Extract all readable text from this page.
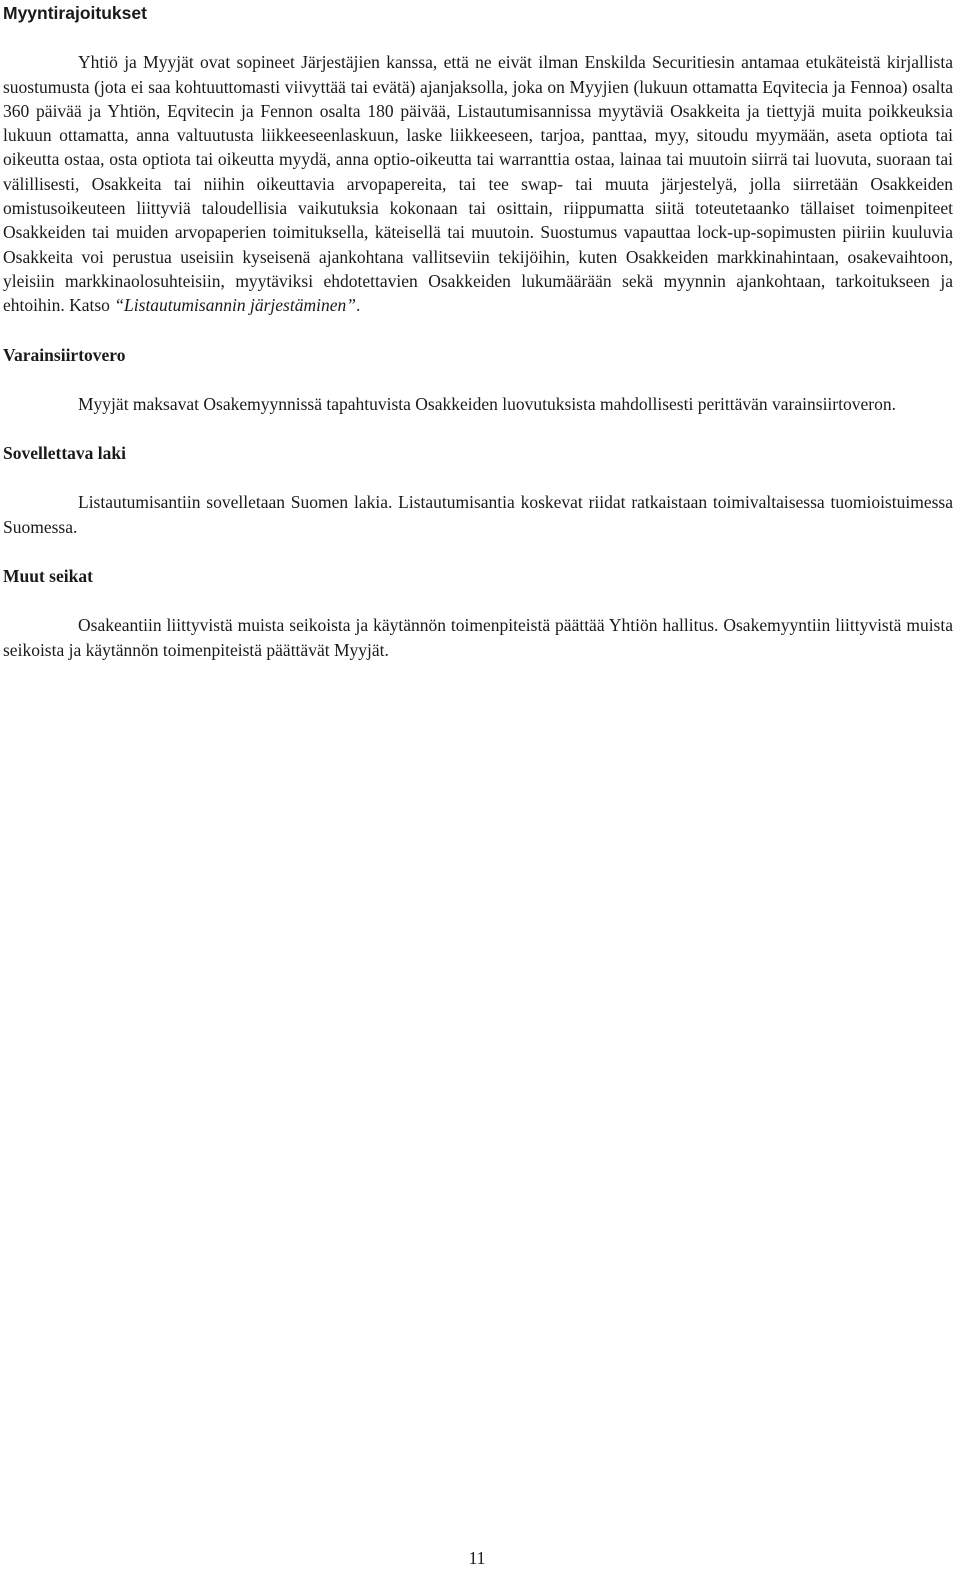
Myyntirajoitukset

Yhtiö ja Myyjät ovat sopineet Järjestäjien kanssa, että ne eivät ilman Enskilda Securitiesin antamaa etukäteistä kirjallista suostumusta (jota ei saa kohtuuttomasti viivyttää tai evätä) ajanjaksolla, joka on Myyjien (lukuun ottamatta Eqvitecia ja Fennoa) osalta 360 päivää ja Yhtiön, Eqvitecin ja Fennon osalta 180 päivää, Listautumisannissa myytäviä Osakkeita ja tiettyjä muita poikkeuksia lukuun ottamatta, anna valtuutusta liikkeeseenlaskuun, laske liikkeeseen, tarjoa, panttaa, myy, sitoudu myymään, aseta optiota tai oikeutta ostaa, osta optiota tai oikeutta myydä, anna optio-oikeutta tai warranttia ostaa, lainaa tai muutoin siirrä tai luovuta, suoraan tai välillisesti, Osakkeita tai niihin oikeuttavia arvopapereita, tai tee swap- tai muuta järjestelyä, jolla siirretään Osakkeiden omistusoikeuteen liittyviä taloudellisia vaikutuksia kokonaan tai osittain, riippumatta siitä toteutetaanko tällaiset toimenpiteet Osakkeiden tai muiden arvopaperien toimituksella, käteisellä tai muutoin. Suostumus vapauttaa lock-up-sopimusten piiriin kuuluvia Osakkeita voi perustua useisiin kyseisenä ajankohtana vallitseviin tekijöihin, kuten Osakkeiden markkinahintaan, osakevaihtoon, yleisiin markkinaolosuhteisiin, myytäviksi ehdotettavien Osakkeiden lukumäärään sekä myynnin ajankohtaan, tarkoitukseen ja ehtoihin. Katso “Listautumisannin järjestäminen”.

Varainsiirtovero

Myyjät maksavat Osakemyynnissä tapahtuvista Osakkeiden luovutuksista mahdollisesti perittävän varainsiirtoveron.

Sovellettava laki

Listautumisantiin sovelletaan Suomen lakia. Listautumisantia koskevat riidat ratkaistaan toimivaltaisessa tuomioistuimessa Suomessa.

Muut seikat

Osakeantiin liittyvistä muista seikoista ja käytännön toimenpiteistä päättää Yhtiön hallitus. Osakemyyntiin liittyvistä muista seikoista ja käytännön toimenpiteistä päättävät Myyjät.

11
